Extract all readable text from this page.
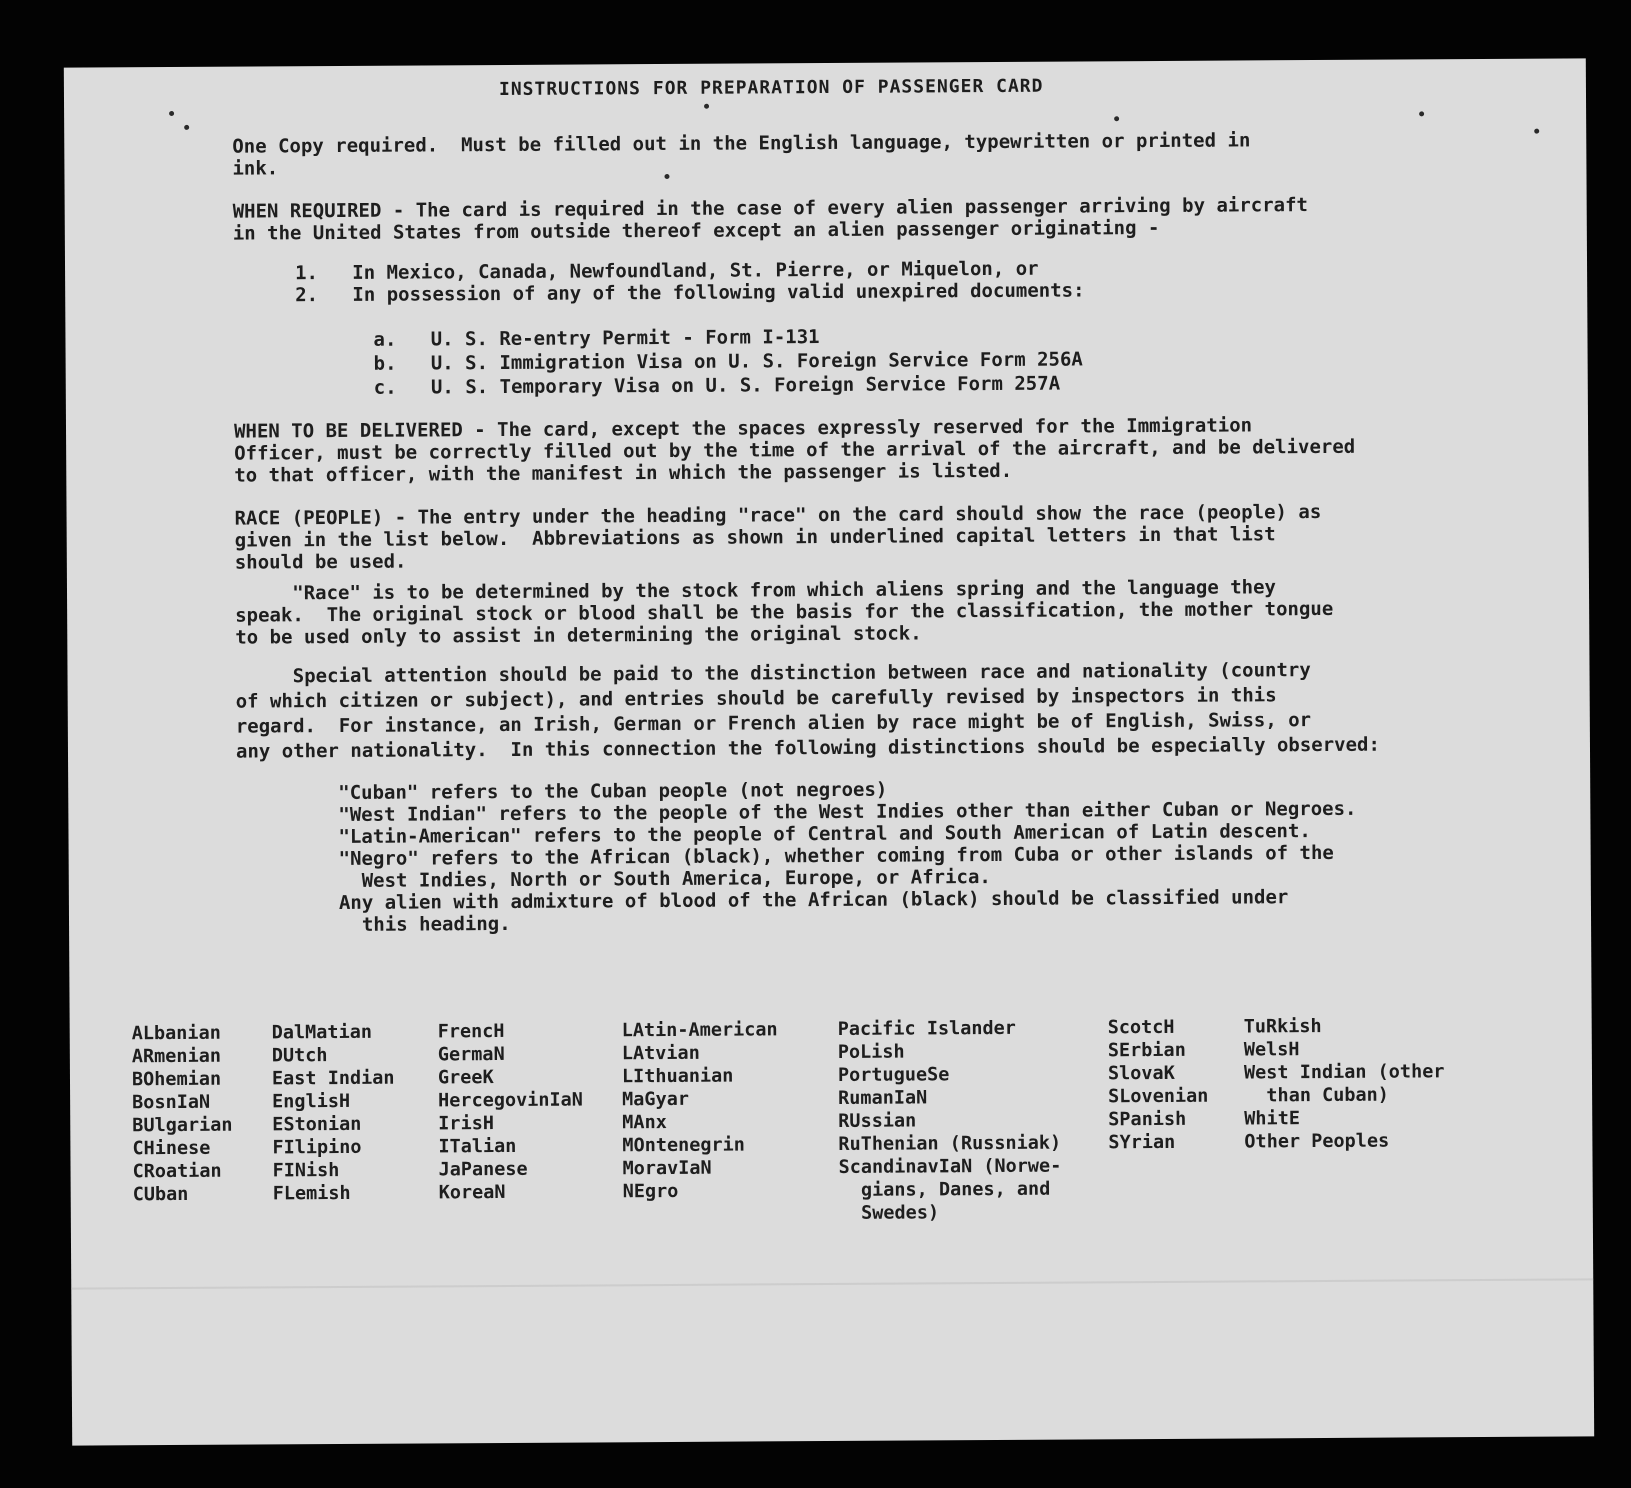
INSTRUCTIONS FOR PREPARATION OF PASSENGER CARD
One Copy required.  Must be filled out in the English language, typewritten or printed in
ink.
WHEN REQUIRED - The card is required in the case of every alien passenger arriving by aircraft
in the United States from outside thereof except an alien passenger originating -
1.   In Mexico, Canada, Newfoundland, St. Pierre, or Miquelon, or
2.   In possession of any of the following valid unexpired documents:
a.   U. S. Re-entry Permit - Form I-131
b.   U. S. Immigration Visa on U. S. Foreign Service Form 256A
c.   U. S. Temporary Visa on U. S. Foreign Service Form 257A
WHEN TO BE DELIVERED - The card, except the spaces expressly reserved for the Immigration
Officer, must be correctly filled out by the time of the arrival of the aircraft, and be delivered
to that officer, with the manifest in which the passenger is listed.
RACE (PEOPLE) - The entry under the heading "race" on the card should show the race (people) as
given in the list below.  Abbreviations as shown in underlined capital letters in that list
should be used.
"Race" is to be determined by the stock from which aliens spring and the language they
speak.  The original stock or blood shall be the basis for the classification, the mother tongue
to be used only to assist in determining the original stock.
Special attention should be paid to the distinction between race and nationality (country
of which citizen or subject), and entries should be carefully revised by inspectors in this
regard.  For instance, an Irish, German or French alien by race might be of English, Swiss, or
any other nationality.  In this connection the following distinctions should be especially observed:
"Cuban" refers to the Cuban people (not negroes)
"West Indian" refers to the people of the West Indies other than either Cuban or Negroes.
"Latin-American" refers to the people of Central and South American of Latin descent.
"Negro" refers to the African (black), whether coming from Cuba or other islands of the
West Indies, North or South America, Europe, or Africa.
Any alien with admixture of blood of the African (black) should be classified under
this heading.
ALbanian
ARmenian
BOhemian
BosnIaN
BUlgarian
CHinese
CRoatian
CUban
DalMatian
DUtch
East Indian
EnglisH
EStonian
FIlipino
FINish
FLemish
FrencH
GermaN
GreeK
HercegovinIaN
IrisH
ITalian
JaPanese
KoreaN
LAtin-American
LAtvian
LIthuanian
MaGyar
MAnx
MOntenegrin
MoravIaN
NEgro
Pacific Islander
PoLish
PortugueSe
RumanIaN
RUssian
RuThenian (Russniak)
ScandinavIaN (Norwe-
gians, Danes, and
Swedes)
ScotcH
SErbian
SlovaK
SLovenian
SPanish
SYrian
TuRkish
WelsH
West Indian (other
than Cuban)
WhitE
Other Peoples
